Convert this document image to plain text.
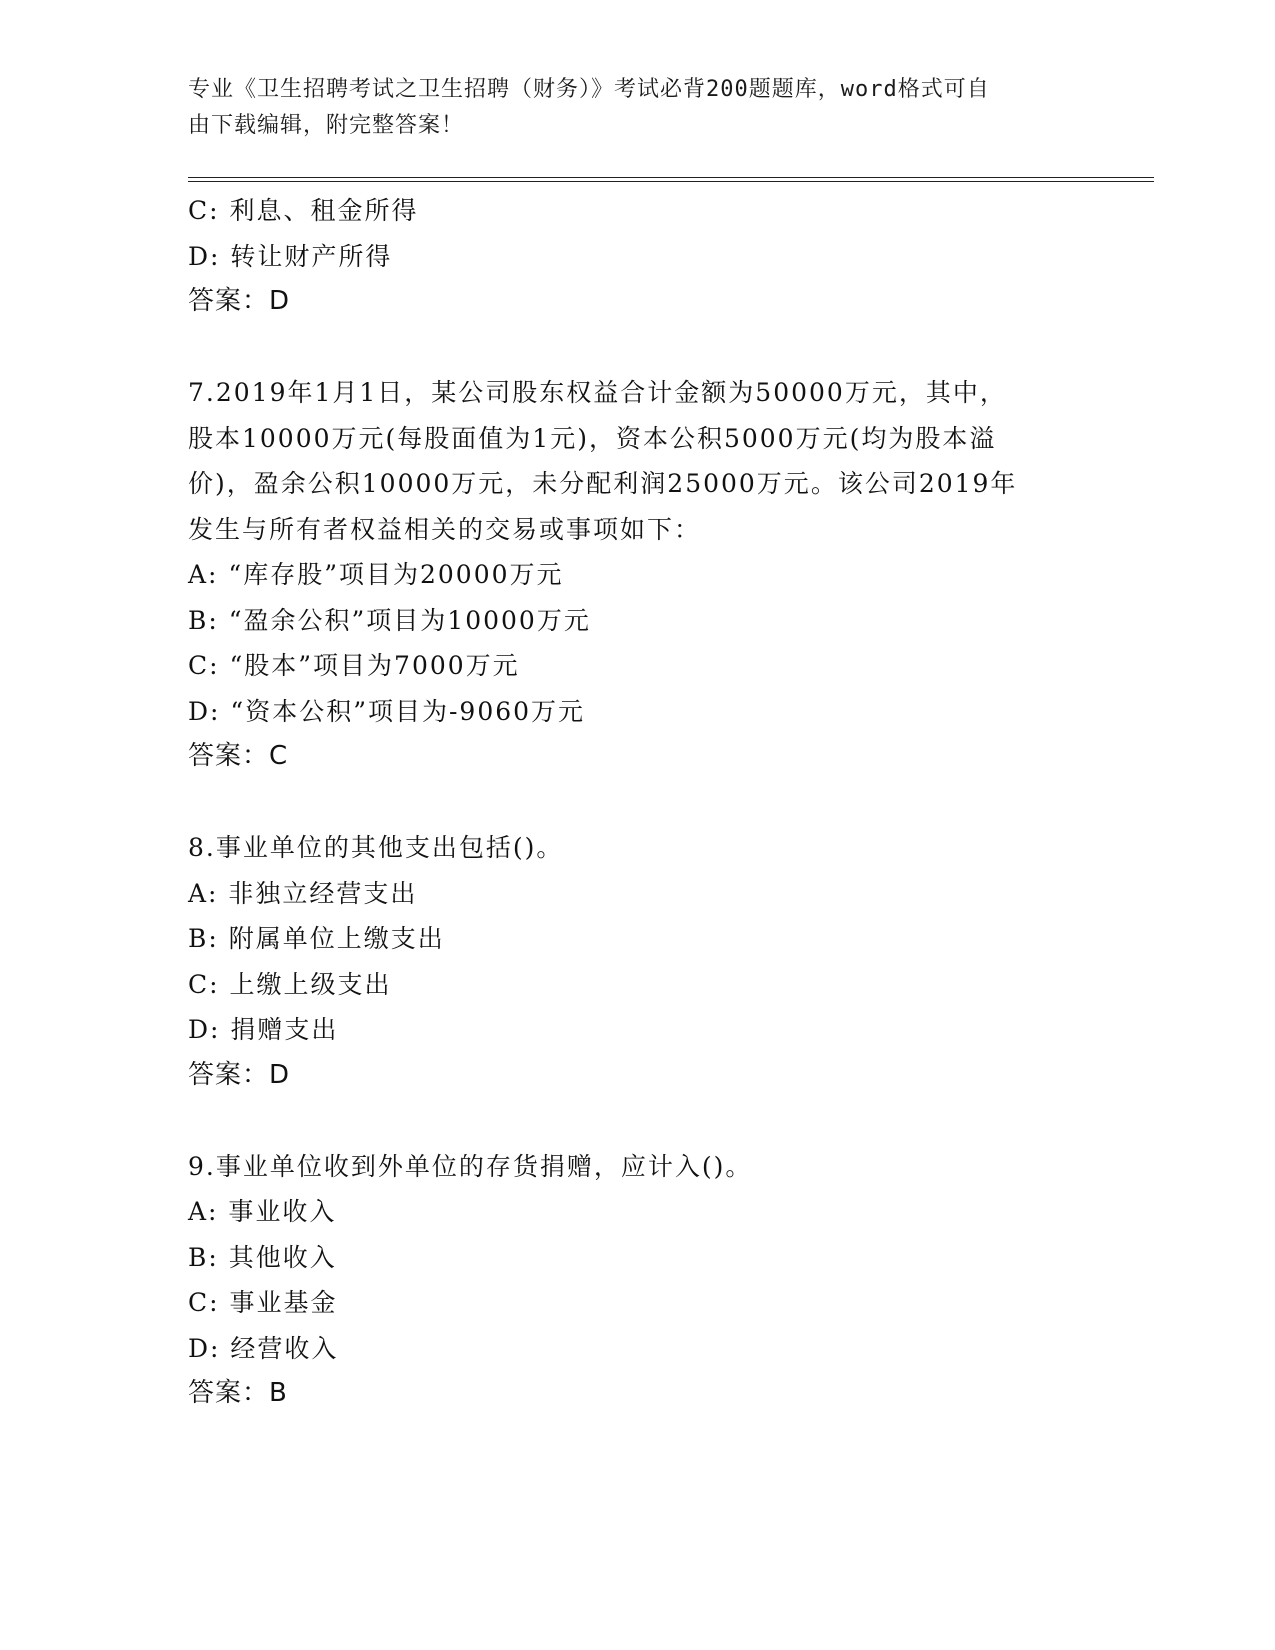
专业《卫生招聘考试之卫生招聘（财务）》考试必背200题题库，word格式可自
由下载编辑，附完整答案！
C: 利息、租金所得
D: 转让财产所得
答案：D
7.2019年1月1日，某公司股东权益合计金额为50000万元，其中，
股本10000万元(每股面值为1元)，资本公积5000万元(均为股本溢
价)，盈余公积10000万元，未分配利润25000万元。该公司2019年
发生与所有者权益相关的交易或事项如下：
A: “库存股”项目为20000万元
B: “盈余公积”项目为10000万元
C: “股本”项目为7000万元
D: “资本公积”项目为-9060万元
答案：C
8.事业单位的其他支出包括()。
A: 非独立经营支出
B: 附属单位上缴支出
C: 上缴上级支出
D: 捐赠支出
答案：D
9.事业单位收到外单位的存货捐赠，应计入()。
A: 事业收入
B: 其他收入
C: 事业基金
D: 经营收入
答案：B
